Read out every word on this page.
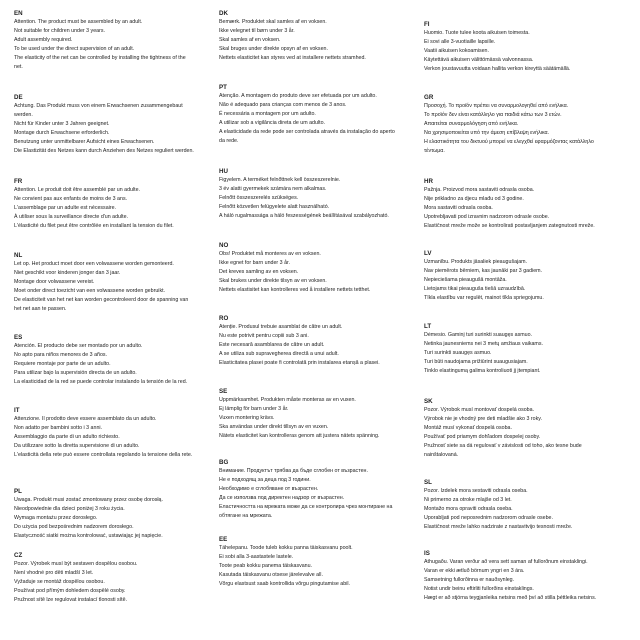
EN
Attention. The product must be assembled by an adult.
Not suitable for children under 3 years.
Adult assembly required.
To be used under the direct supervision of an adult.
The elasticity of the net can be controlled by installing the tightness of the
net.
DE
Achtung. Das Produkt muss von einem Erwachsenen zusammengebaut
werden.
Nicht für Kinder unter 3 Jahren geeignet.
Montage durch Erwachsene erforderlich.
Benutzung unter unmittelbarer Aufsicht eines Erwachsenen.
Die Elastizität des Netzes kann durch Anziehen des Netzes reguliert werden.
FR
Attention. Le produit doit être assemblé par un adulte.
Ne convient pas aux enfants de moins de 3 ans.
L'assemblage par un adulte est nécessaire.
À utiliser sous la surveillance directe d'un adulte.
L'élasticité du filet peut être contrôlée en installant la tension du filet.
NL
Let op. Het product moet door een volwassene worden gemonteerd.
Niet geschikt voor kinderen jonger dan 3 jaar.
Montage door volwassene vereist.
Moet onder direct toezicht van een volwassene worden gebruikt.
De elasticiteit van het net kan worden gecontroleerd door de spanning van
het net aan te passen.
ES
Atención. El producto debe ser montado por un adulto.
No apto para niños menores de 3 años.
Requiere montaje por parte de un adulto.
Para utilizar bajo la supervisión directa de un adulto.
La elasticidad de la red se puede controlar instalando la tensión de la red.
IT
Attenzione. Il prodotto deve essere assemblato da un adulto.
Non adatto per bambini sotto i 3 anni.
Assemblaggio da parte di un adulto richiesto.
Da utilizzare sotto la diretta supervisione di un adulto.
L'elasticità della rete può essere controllata regolando la tensione della rete.
PL
Uwaga. Produkt musi zostać zmontowany przez osobę dorosłą.
Nieodpowiednie dla dzieci poniżej 3 roku życia.
Wymaga montażu przez dorosłego.
Do użycia pod bezpośrednim nadzorem dorosłego.
Elastyczność siatki można kontrolować, ustawiając jej napięcie.
CZ
Pozor. Výrobek musí být sestaven dospělou osobou.
Není vhodné pro děti mladší 3 let.
Vyžaduje se montáž dospělou osobou.
Používat pod přímým dohledem dospělé osoby.
Pružnost sítě lze regulovat instalací tlonosti sítě.
DK
Bemærk. Produktet skal samles af en voksen.
Ikke velegnet til børn under 3 år.
Skal samles af en voksen.
Skal bruges under direkte opsyn af en voksen.
Nettets elasticitet kan styres ved at installere nettets stramhed.
PT
Atenção. A montagem do produto deve ser efetuada por um adulto.
Não é adequado para crianças com menos de 3 anos.
É necessária a montagem por um adulto.
A utilizar sob a vigilância direta de um adulto.
A elasticidade da rede pode ser controlada através da instalação do aperto
da rede.
HU
Figyelem. A terméket felnőttnek kell összeszerelnie.
3 év alatti gyermekek számára nem alkalmas.
Felnőtt összeszerelés szükséges.
Felnőtt közvetlen felügyelete alatt használható.
A háló rugalmassága a háló feszességének beállításával szabályozható.
NO
Obs! Produktet må monteres av en voksen.
Ikke egnet for barn under 3 år.
Det kreves samling av en voksen.
Skal brukes under direkte tilsyn av en voksen.
Nettets elastisitet kan kontrolleres ved å installere nettets tetthet.
RO
Atenție. Produsul trebuie asamblat de către un adult.
Nu este potrivit pentru copiii sub 3 ani.
Este necesară asamblarea de către un adult.
A se utiliza sub supravegherea directă a unui adult.
Elasticitatea plasei poate fi controlată prin instalarea etanșă a plasei.
SE
Uppmärksamhet. Produkten måste monteras av en vuxen.
Ej lämplig för barn under 3 år.
Vuxen montering krävs.
Ska användas under direkt tillsyn av en vuxen.
Nätets elasticitet kan kontrolleras genom att justera nätets spänning.
BG
Внимание. Продуктът трябва да бъде сглобен от възрастен.
Не е подходящ за деца под 3 години.
Необходимо е сглобяване от възрастен.
Да се използва под директен надзор от възрастен.
Еластичността на мрежата може да се контролира чрез монтиране на
обтягане на мрежата.
EE
Tähelepanu. Toode tuleb kokku panna täiskasvanu poolt.
Ei sobi alla 3-aastastele lastele.
Toote peab kokku panema täiskasvanu.
Kasutada täiskasvanu otsese järelevalve all.
Võrgu elastsust saab kontrollida võrgu pingutamise abil.
FI
Huomio. Tuote tulee koota aikuisen toimesta.
Ei sovi alle 3-vuotiaille lapsille.
Vaatii aikuisen kokoamisen.
Käytettävä aikuisen välittömässä valvonnassa.
Verkon joustavuutta voidaan hallita verkon kireyttä säätämällä.
GR
Προσοχή. Το προϊόν πρέπει να συναρμολογηθεί από ενήλικα.
Το προϊόν δεν είναι κατάλληλο για παιδιά κάτω των 3 ετών.
Απαιτείται συναρμολόγηση από ενήλικα.
Να χρησιμοποιείται υπό την άμεση επίβλεψη ενήλικα.
Η ελαστικότητα του δικτυού μπορεί να ελεγχθεί εφαρμόζοντας κατάλληλο
τέντωμα.
HR
Pažnja. Proizvod mora sastaviti odrasla osoba.
Nije prikladno za djecu mlađu od 3 godine.
Mora sastaviti odrasla osoba.
Upotrebljavati pod izravnim nadzorom odrasle osobe.
Elastičnost mreže može se kontrolirati postavljanjem zategnutosti mreže.
LV
Uzmanību. Produkts jāsaliek pieaugušajam.
Nav piemērots bērniem, kas jaunāki par 3 gadiem.
Nepieciešama pieaugušā montāža.
Lietojams tikai pieauguša tiešā uzraudzībā.
Tīkla elastību var regulēt, mainot tīkla spriegojumu.
LT
Dėmesio. Gaminį turi surinkti suaugęs asmuo.
Netinka jaunesniems nei 3 metų amžiaus vaikams.
Turi surinkti suaugęs asmuo.
Turi būti naudojama prižiūrint suaugusiajam.
Tinklo elastingumą galima kontroliuoti jį įtempiant.
SK
Pozor. Výrobok musí montovať dospelá osoba.
Výrobok nie je vhodný pre deti mladšie ako 3 roky.
Montáž musí vykonať dospelá osoba.
Používať pod priamym dohľadom dospelej osoby.
Pružnosť siete sa dá regulovať v závislosti od toho, ako tesne bude
nainštalovaná.
SL
Pozor. Izdelek mora sestaviti odrasla oseba.
Ni primerno za otroke mlajše od 3 let.
Montažo mora opraviti odrasla oseba.
Uporabljati pod neposrednim nadzorom odrasle osebe.
Elastičnost mreže lahko nadzirate z nastavitvijo tesnosti mreže.
IS
Athugaðu. Varan verður að vera sett saman af fullorðnum einstaklingi.
Varan er ekki ætluð börnum yngri en 3 ára.
Samsetning fullorðinna er nauðsynleg.
Notist undir beinu eftirliti fullorðins einstaklings.
Hægt er að stjórna teygjanleika netsins með því að stilla þéttleika netsins.
